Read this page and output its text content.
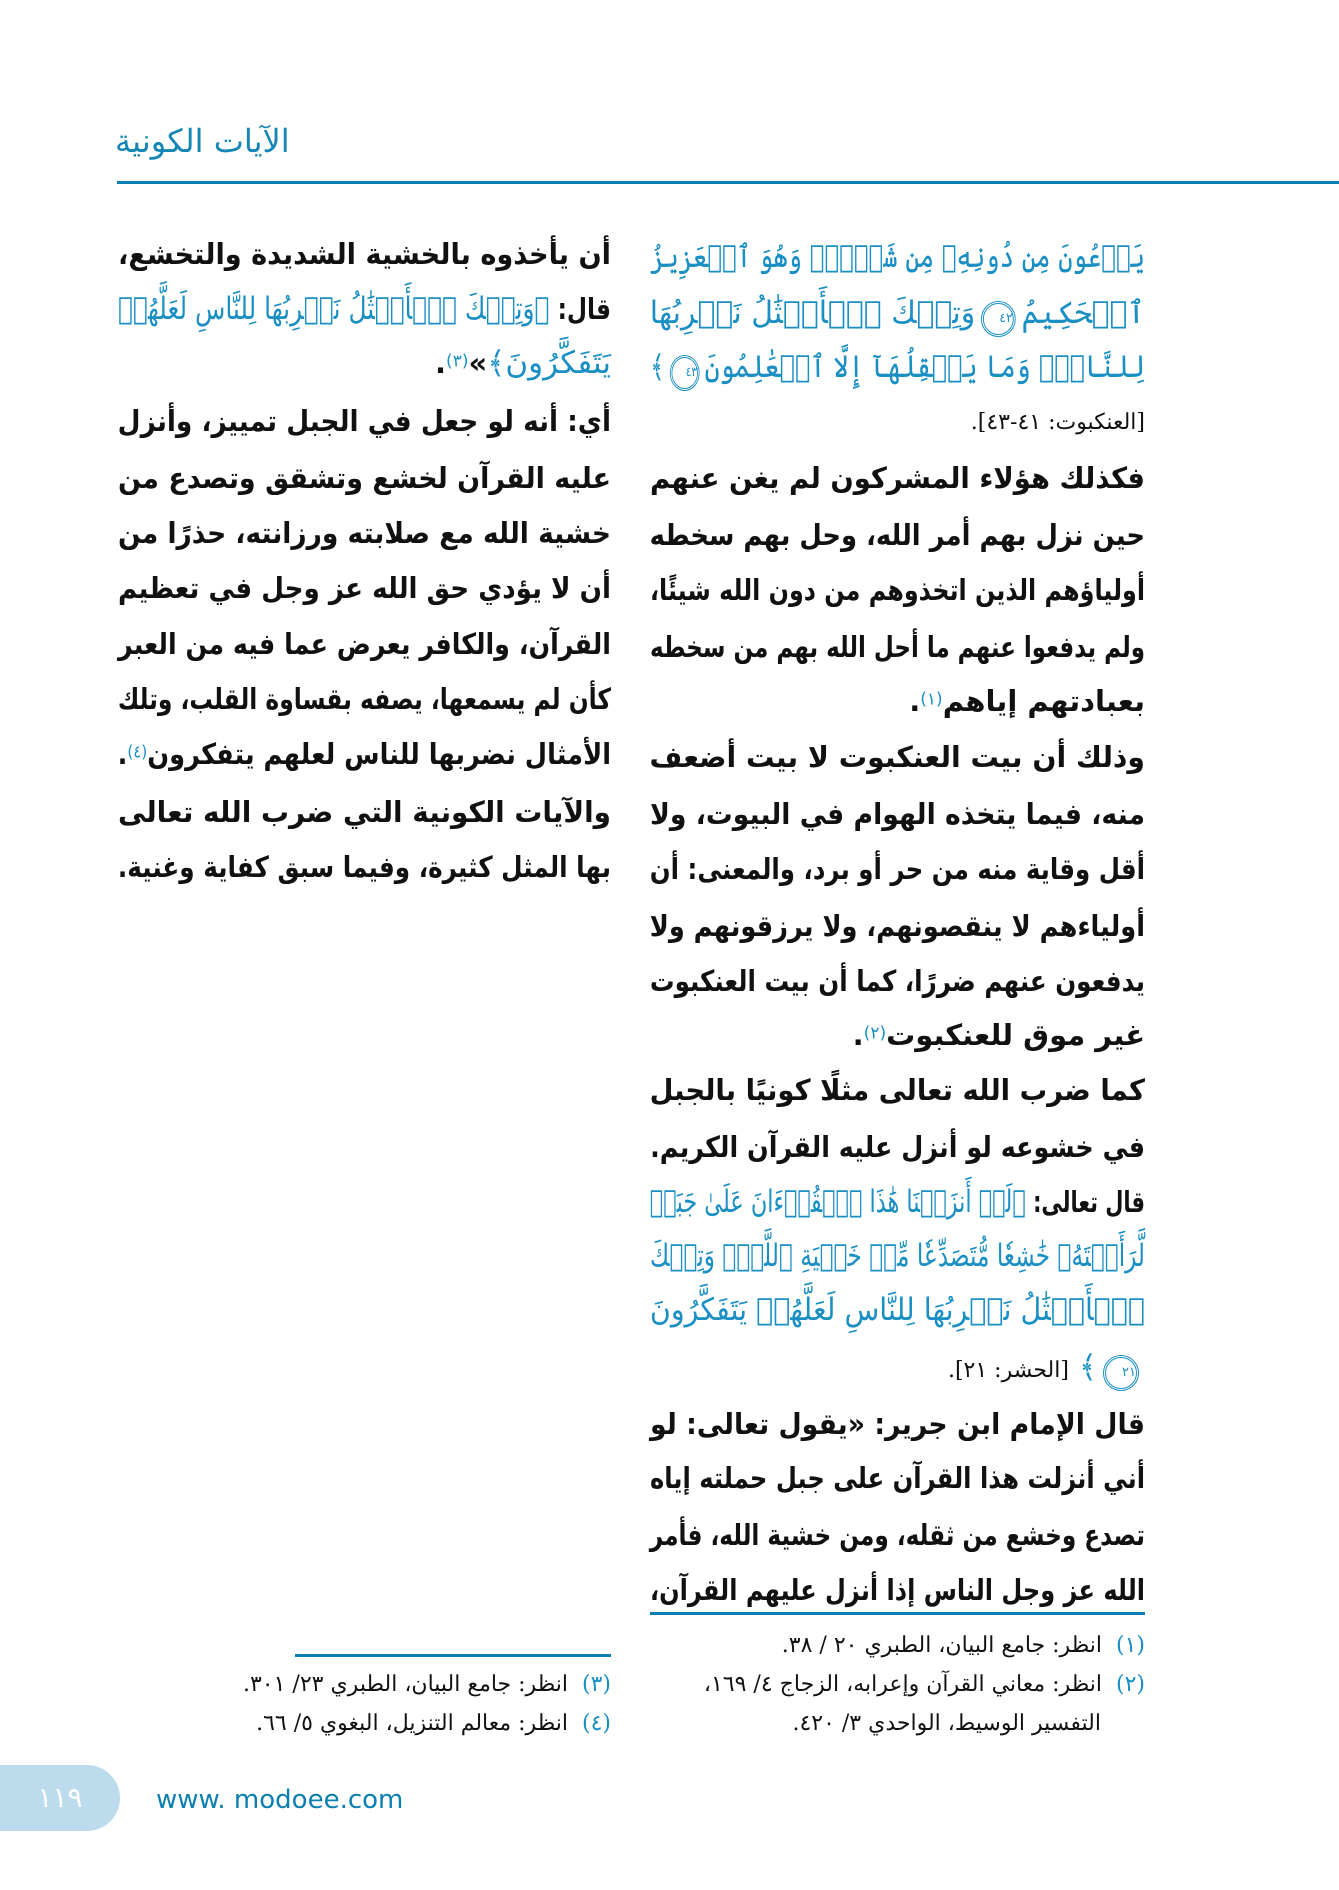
الآيات الكونية
يَدۡعُونَ مِن دُونِهِۦ مِن شَيۡءٖۚ وَهُوَ ٱلۡعَزِيزُ
ٱلۡحَكِيمُ٤٢وَتِلۡكَ ٱلۡأَمۡثَٰلُ نَضۡرِبُهَا
لِلنَّاسِۖ وَمَا يَعۡقِلُهَآ إِلَّا ٱلۡعَٰلِمُونَ٤٣﴾
[العنكبوت: ٤١-٤٣].
فكذلك هؤلاء المشركون لم يغن عنهم
حين نزل بهم أمر الله، وحل بهم سخطه
أولياؤهم الذين اتخذوهم من دون الله شيئًا،
ولم يدفعوا عنهم ما أحل الله بهم من سخطه
بعبادتهم إياهم(١).
وذلك أن بيت العنكبوت لا بيت أضعف
منه، فيما يتخذه الهوام في البيوت، ولا
أقل وقاية منه من حر أو برد، والمعنى: أن
أولياءهم لا ينقصونهم، ولا يرزقونهم ولا
يدفعون عنهم ضررًا، كما أن بيت العنكبوت
غير موق للعنكبوت(٢).
كما ضرب الله تعالى مثلًا كونيًا بالجبل
في خشوعه لو أنزل عليه القرآن الكريم.
قال تعالى: ﴿لَوۡ أَنزَلۡنَا هَٰذَا ٱلۡقُرۡءَانَ عَلَىٰ جَبَلٖ
لَّرَأَيۡتَهُۥ خَٰشِعٗا مُّتَصَدِّعٗا مِّنۡ خَشۡيَةِ ٱللَّهِۚ وَتِلۡكَ
ٱلۡأَمۡثَٰلُ نَضۡرِبُهَا لِلنَّاسِ لَعَلَّهُمۡ يَتَفَكَّرُونَ
٢١﴾ [الحشر: ٢١].
قال الإمام ابن جرير: «يقول تعالى: لو
أني أنزلت هذا القرآن على جبل حملته إياه
تصدع وخشع من ثقله، ومن خشية الله، فأمر
الله عز وجل الناس إذا أنزل عليهم القرآن،
أن يأخذوه بالخشية الشديدة والتخشع،
قال: ﴿وَتِلۡكَ ٱلۡأَمۡثَٰلُ نَضۡرِبُهَا لِلنَّاسِ لَعَلَّهُمۡ
يَتَفَكَّرُونَ﴾»(٣).
أي: أنه لو جعل في الجبل تمييز، وأنزل
عليه القرآن لخشع وتشقق وتصدع من
خشية الله مع صلابته ورزانته، حذرًا من
أن لا يؤدي حق الله عز وجل في تعظيم
القرآن، والكافر يعرض عما فيه من العبر
كأن لم يسمعها، يصفه بقساوة القلب، وتلك
الأمثال نضربها للناس لعلهم يتفكرون(٤).
والآيات الكونية التي ضرب الله تعالى
بها المثل كثيرة، وفيما سبق كفاية وغنية.
(١)انظر: جامع البيان، الطبري ٢٠ / ٣٨.
(٢)انظر: معاني القرآن وإعرابه، الزجاج ٤/ ١٦٩،
التفسير الوسيط، الواحدي ٣/ ٤٢٠.
(٣)انظر: جامع البيان، الطبري ٢٣/ ٣٠١.
(٤)انظر: معالم التنزيل، البغوي ٥/ ٦٦.
١١٩	www. modoee.com
